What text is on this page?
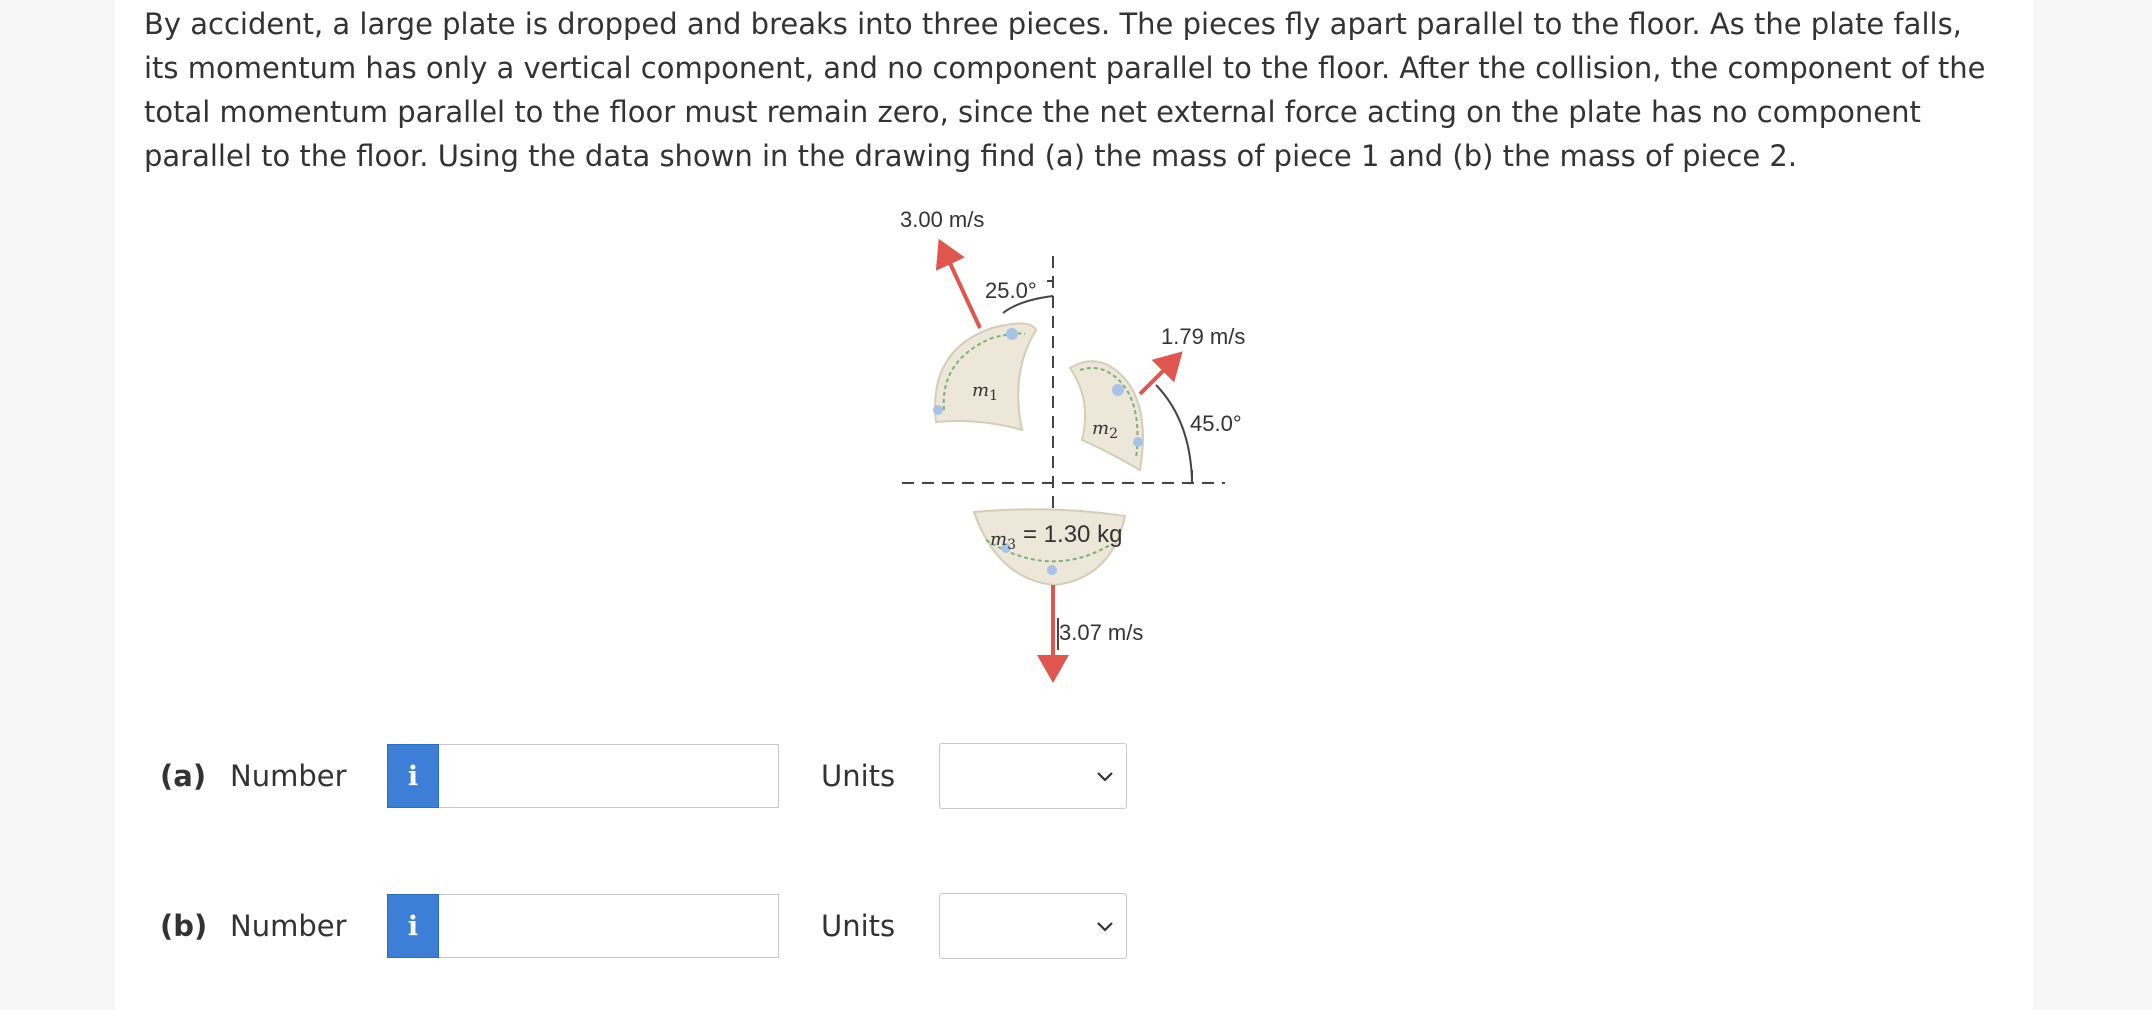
By accident, a large plate is dropped and breaks into three pieces. The pieces fly apart parallel to the floor. As the plate falls, its momentum has only a vertical component, and no component parallel to the floor. After the collision, the component of the total momentum parallel to the floor must remain zero, since the net external force acting on the plate has no component parallel to the floor. Using the data shown in the drawing find (a) the mass of piece 1 and (b) the mass of piece 2.

$m_1$
$m_2$
$m_3 = 1.30$ kg
25.0°
3.00 m/s
1.79 m/s
45.0°
3.07 m/s
(a) Number	i	Units
(b) Number	i	Units
